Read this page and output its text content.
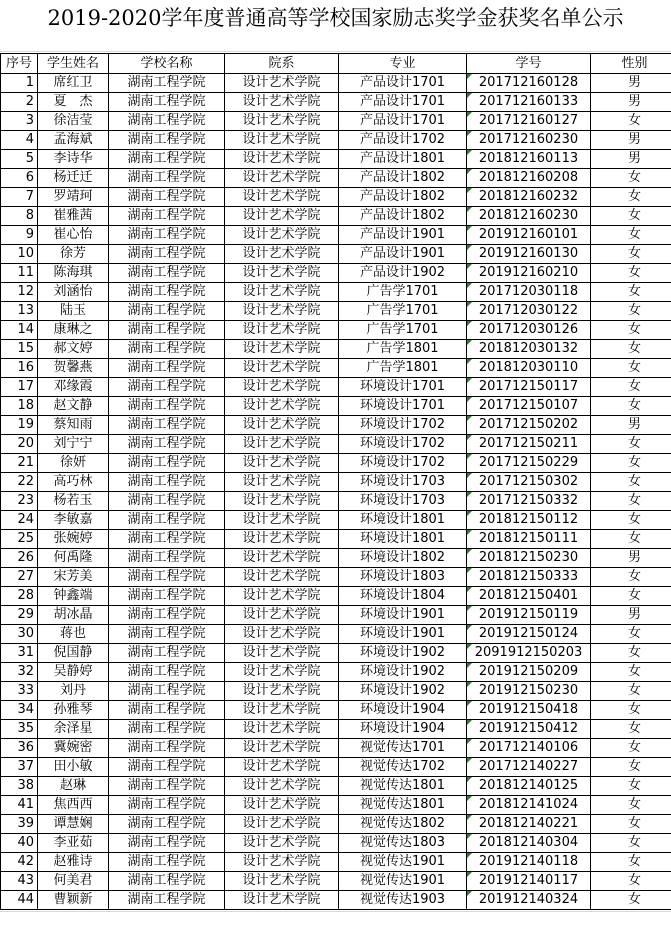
2019-2020学年度普通高等学校国家励志奖学金获奖名单公示
序号	学生姓名	学校名称	院系	专业	学号	性别
1	席红卫	湖南工程学院	设计艺术学院	产品设计1701	201712160128	男
2	夏　杰	湖南工程学院	设计艺术学院	产品设计1701	201712160133	男
3	徐洁莹	湖南工程学院	设计艺术学院	产品设计1701	201712160127	女
4	孟海斌	湖南工程学院	设计艺术学院	产品设计1702	201712160230	男
5	李诗华	湖南工程学院	设计艺术学院	产品设计1801	201812160113	男
6	杨迁迁	湖南工程学院	设计艺术学院	产品设计1802	201812160208	女
7	罗靖珂	湖南工程学院	设计艺术学院	产品设计1802	201812160232	女
8	崔雅茜	湖南工程学院	设计艺术学院	产品设计1802	201812160230	女
9	崔心怡	湖南工程学院	设计艺术学院	产品设计1901	201912160101	女
10	徐芳	湖南工程学院	设计艺术学院	产品设计1901	201912160130	女
11	陈海琪	湖南工程学院	设计艺术学院	产品设计1902	201912160210	女
12	刘涵怡	湖南工程学院	设计艺术学院	广告学1701	201712030118	女
13	陆玉	湖南工程学院	设计艺术学院	广告学1701	201712030122	女
14	康琳之	湖南工程学院	设计艺术学院	广告学1701	201712030126	女
15	郝文婷	湖南工程学院	设计艺术学院	广告学1801	201812030132	女
16	贺馨燕	湖南工程学院	设计艺术学院	广告学1801	201812030110	女
17	邓缘霞	湖南工程学院	设计艺术学院	环境设计1701	201712150117	女
18	赵文静	湖南工程学院	设计艺术学院	环境设计1701	201712150107	女
19	蔡知雨	湖南工程学院	设计艺术学院	环境设计1702	201712150202	男
20	刘宁宁	湖南工程学院	设计艺术学院	环境设计1702	201712150211	女
21	徐妍	湖南工程学院	设计艺术学院	环境设计1702	201712150229	女
22	高巧林	湖南工程学院	设计艺术学院	环境设计1703	201712150302	女
23	杨若玉	湖南工程学院	设计艺术学院	环境设计1703	201712150332	女
24	李敏嘉	湖南工程学院	设计艺术学院	环境设计1801	201812150112	女
25	张婉婷	湖南工程学院	设计艺术学院	环境设计1801	201812150111	女
26	何禹隆	湖南工程学院	设计艺术学院	环境设计1802	201812150230	男
27	宋芳美	湖南工程学院	设计艺术学院	环境设计1803	201812150333	女
28	钟鑫端	湖南工程学院	设计艺术学院	环境设计1804	201812150401	女
29	胡冰晶	湖南工程学院	设计艺术学院	环境设计1901	201912150119	男
30	蒋也	湖南工程学院	设计艺术学院	环境设计1901	201912150124	女
31	倪国静	湖南工程学院	设计艺术学院	环境设计1902	2091912150203	女
32	吴静婷	湖南工程学院	设计艺术学院	环境设计1902	201912150209	女
33	刘丹	湖南工程学院	设计艺术学院	环境设计1902	201912150230	女
34	孙雅琴	湖南工程学院	设计艺术学院	环境设计1904	201912150418	女
35	余泽星	湖南工程学院	设计艺术学院	环境设计1904	201912150412	女
36	冀婉密	湖南工程学院	设计艺术学院	视觉传达1701	201712140106	女
37	田小敏	湖南工程学院	设计艺术学院	视觉传达1702	201712140227	女
38	赵琳	湖南工程学院	设计艺术学院	视觉传达1801	201812140125	女
41	焦西西	湖南工程学院	设计艺术学院	视觉传达1801	201812141024	女
39	谭慧娴	湖南工程学院	设计艺术学院	视觉传达1802	201812140221	女
40	李亚茹	湖南工程学院	设计艺术学院	视觉传达1803	201812140304	女
42	赵雅诗	湖南工程学院	设计艺术学院	视觉传达1901	201912140118	女
43	何美君	湖南工程学院	设计艺术学院	视觉传达1901	201912140117	女
44	曹颖新	湖南工程学院	设计艺术学院	视觉传达1903	201912140324	女
